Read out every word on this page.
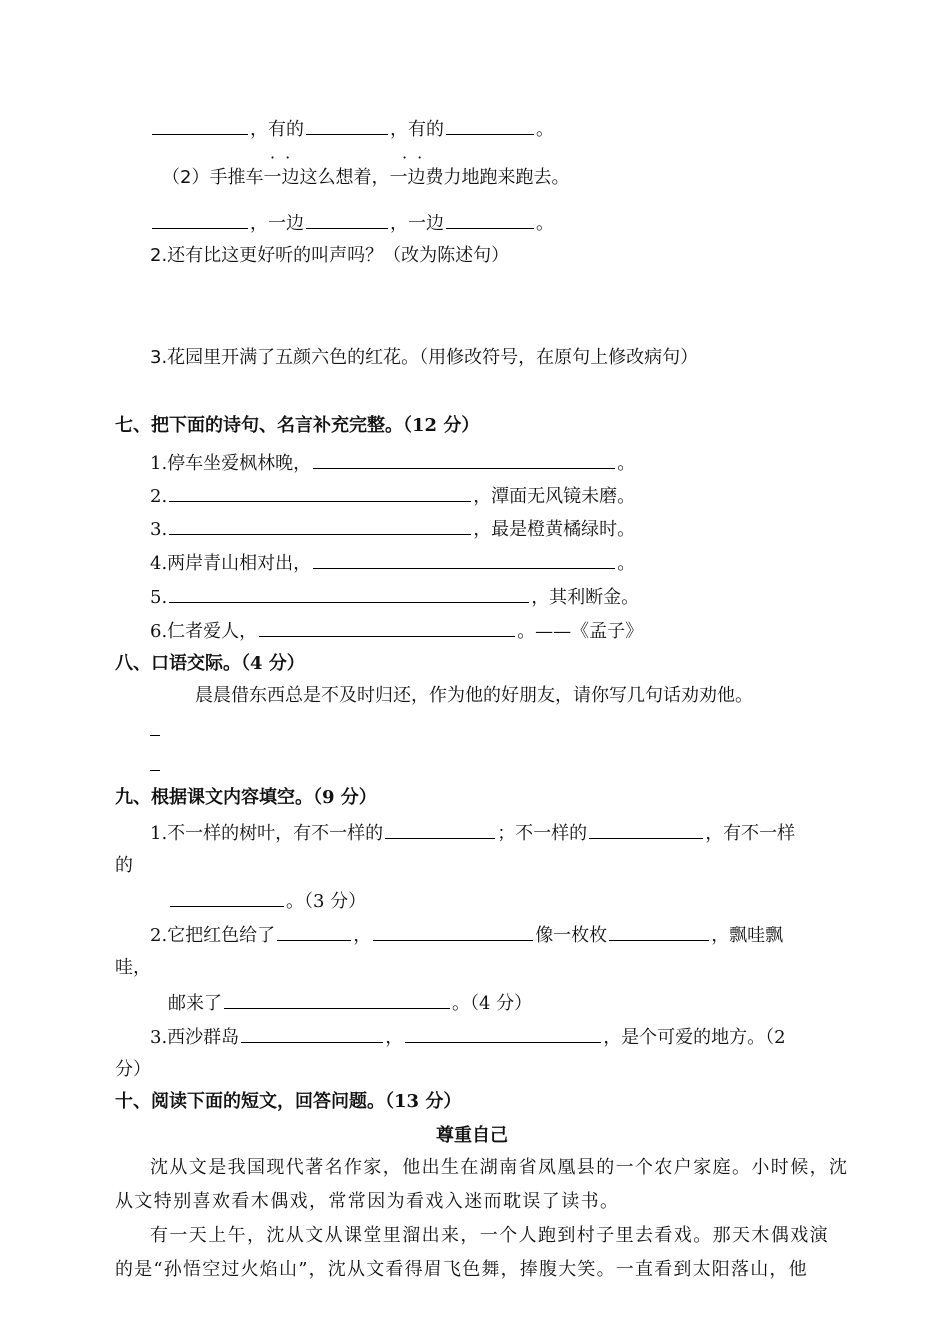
，有的	，有的	。
··	··
（2）手推车一边这么想着，一边费力地跑来跑去。
，一边	，一边	。
2.还有比这更好听的叫声吗？（改为陈述句）
3.花园里开满了五颜六色的红花。（用修改符号，在原句上修改病句）
七、把下面的诗句、名言补充完整。（12 分）
1.停车坐爱枫林晚，	。
2.	，潭面无风镜未磨。
3.	，最是橙黄橘绿时。
4.两岸青山相对出，	。
5.	，其利断金。
6.仁者爱人，	。——《孟子》
八、口语交际。（4 分）
晨晨借东西总是不及时归还，作为他的好朋友，请你写几句话劝劝他。
九、根据课文内容填空。（9 分）
1.不一样的树叶，有不一样的	；不一样的	，有不一样
的
。（3 分）
2.它把红色给了	，	像一枚枚	，飘哇飘
哇，
邮来了	。（4 分）
3.西沙群岛	，	，是个可爱的地方。（2
分）
十、阅读下面的短文，回答问题。（13 分）
尊重自己
沈从文是我国现代著名作家，他出生在湖南省凤凰县的一个农户家庭。小时候，沈
从文特别喜欢看木偶戏，常常因为看戏入迷而耽误了读书。
有一天上午，沈从文从课堂里溜出来，一个人跑到村子里去看戏。那天木偶戏演
的是“孙悟空过火焰山”，沈从文看得眉飞色舞，捧腹大笑。一直看到太阳落山，他
